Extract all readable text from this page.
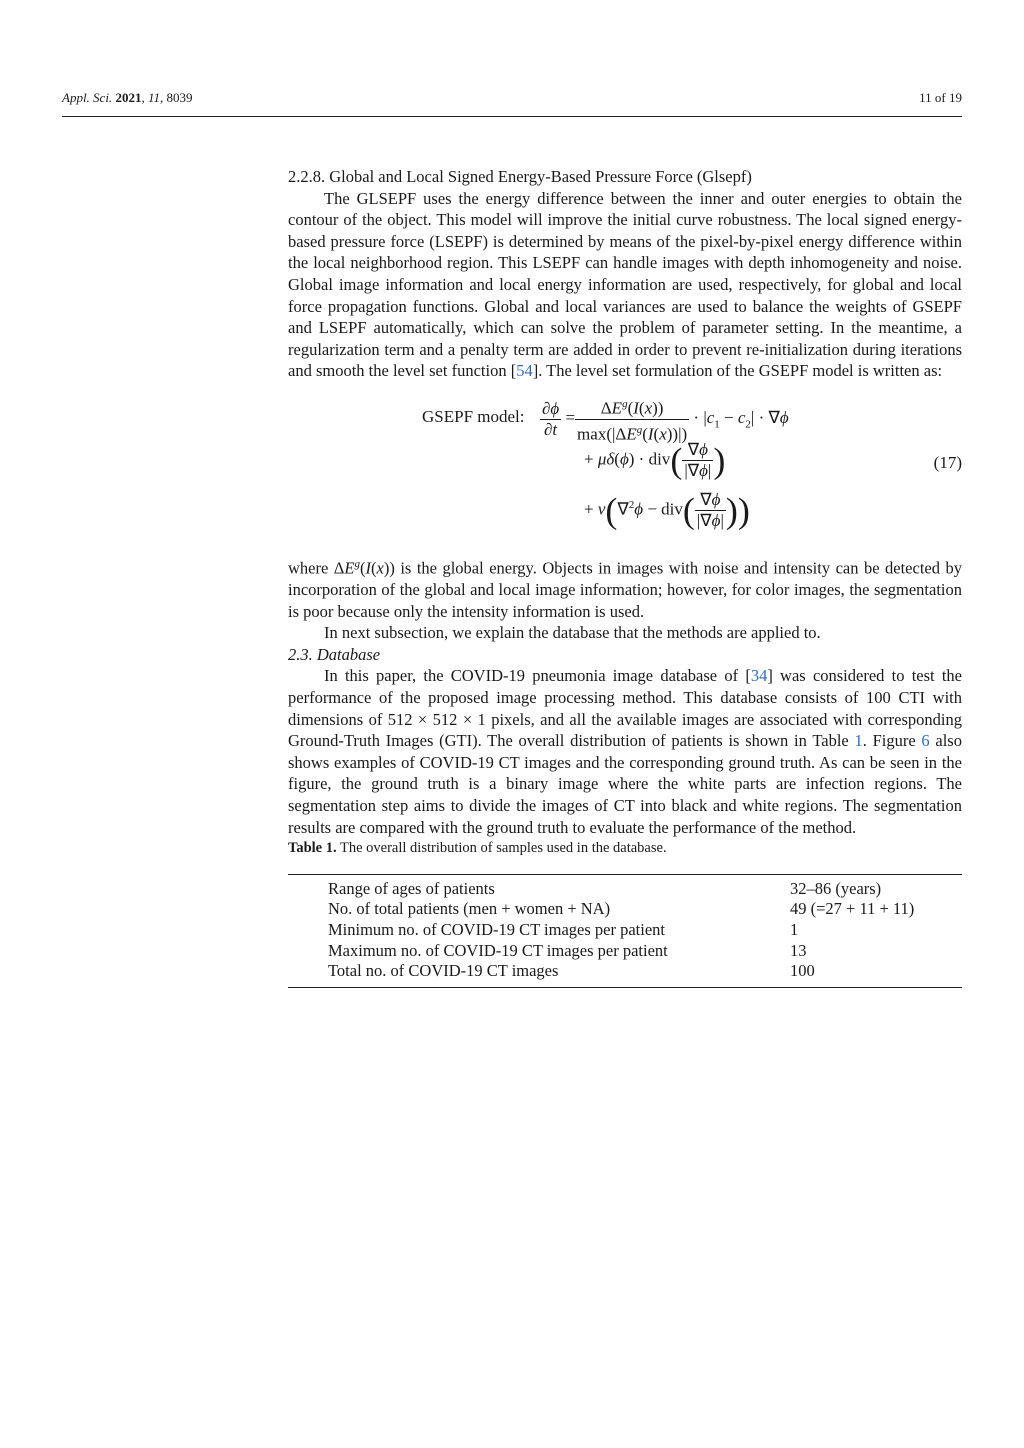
Appl. Sci. 2021, 11, 8039	11 of 19

2.2.8. Global and Local Signed Energy-Based Pressure Force (Glsepf)

The GLSEPF uses the energy difference between the inner and outer energies to obtain the contour of the object. This model will improve the initial curve robustness. The local signed energy-based pressure force (LSEPF) is determined by means of the pixel-by-pixel energy difference within the local neighborhood region. This LSEPF can handle images with depth inhomogeneity and noise. Global image information and local energy information are used, respectively, for global and local force propagation functions. Global and local variances are used to balance the weights of GSEPF and LSEPF automatically, which can solve the problem of parameter setting. In the meantime, a regularization term and a penalty term are added in order to prevent re-initialization during iterations and smooth the level set function [54]. The level set formulation of the GSEPF model is written as:

GSEPF model: $\frac{\partial\phi}{\partial t} = \frac{\Delta E^g(I(x))}{\max(|\Delta E^g(I(x))|)} \cdot |c_1 - c_2| \cdot \nabla\phi$
+ $\mu\delta(\phi) \cdot div( \frac{\nabla\phi}{|\nabla\phi|}$ )
+ $v(\nabla^2\phi - div( \frac{\nabla\phi}{|\nabla\phi|}$ ))
(17)

where $\Delta E^g(I(x))$ is the global energy. Objects in images with noise and intensity can be detected by incorporation of the global and local image information; however, for color images, the segmentation is poor because only the intensity information is used.

In next subsection, we explain the database that the methods are applied to.

2.3. Database

In this paper, the COVID-19 pneumonia image database of [34] was considered to test the performance of the proposed image processing method. This database consists of 100 CTI with dimensions of 512 × 512 × 1 pixels, and all the available images are associated with corresponding Ground-Truth Images (GTI). The overall distribution of patients is shown in Table 1. Figure 6 also shows examples of COVID-19 CT images and the corresponding ground truth. As can be seen in the figure, the ground truth is a binary image where the white parts are infection regions. The segmentation step aims to divide the images of CT into black and white regions. The segmentation results are compared with the ground truth to evaluate the performance of the method.

Table 1. The overall distribution of samples used in the database.

Range of ages of patients	32–86 (years)
No. of total patients (men + women + NA)	49 (=27 + 11 + 11)
Minimum no. of COVID-19 CT images per patient	1
Maximum no. of COVID-19 CT images per patient	13
Total no. of COVID-19 CT images	100
